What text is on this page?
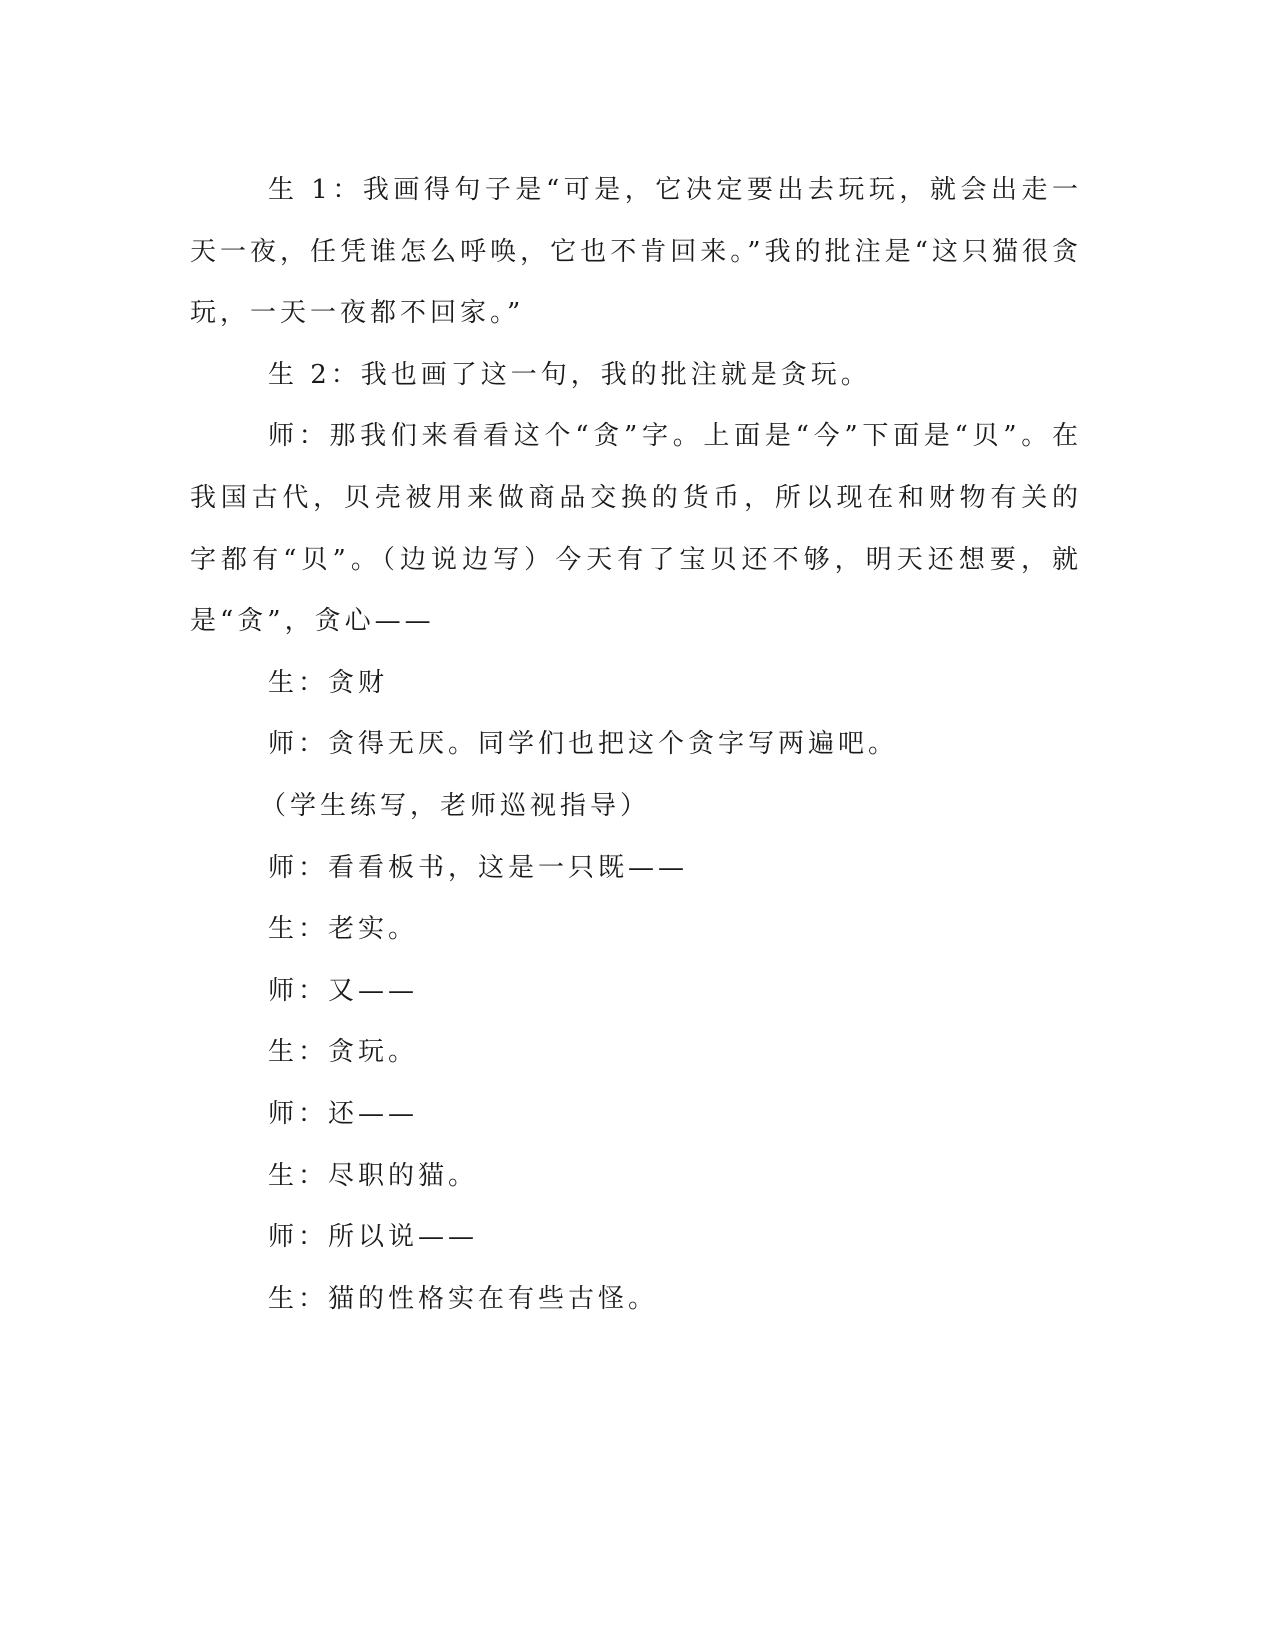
生 1：我画得句子是“可是，它决定要出去玩玩，就会出走一天一夜，任凭谁怎么呼唤，它也不肯回来。”我的批注是“这只猫很贪玩，一天一夜都不回家。”

生 2：我也画了这一句，我的批注就是贪玩。

师：那我们来看看这个“贪”字。上面是“今”下面是“贝”。在我国古代，贝壳被用来做商品交换的货币，所以现在和财物有关的字都有“贝”。（边说边写）今天有了宝贝还不够，明天还想要，就是“贪”，贪心——

生：贪财

师：贪得无厌。同学们也把这个贪字写两遍吧。

（学生练写，老师巡视指导）

师：看看板书，这是一只既——

生：老实。

师：又——

生：贪玩。

师：还——

生：尽职的猫。

师：所以说——

生：猫的性格实在有些古怪。
